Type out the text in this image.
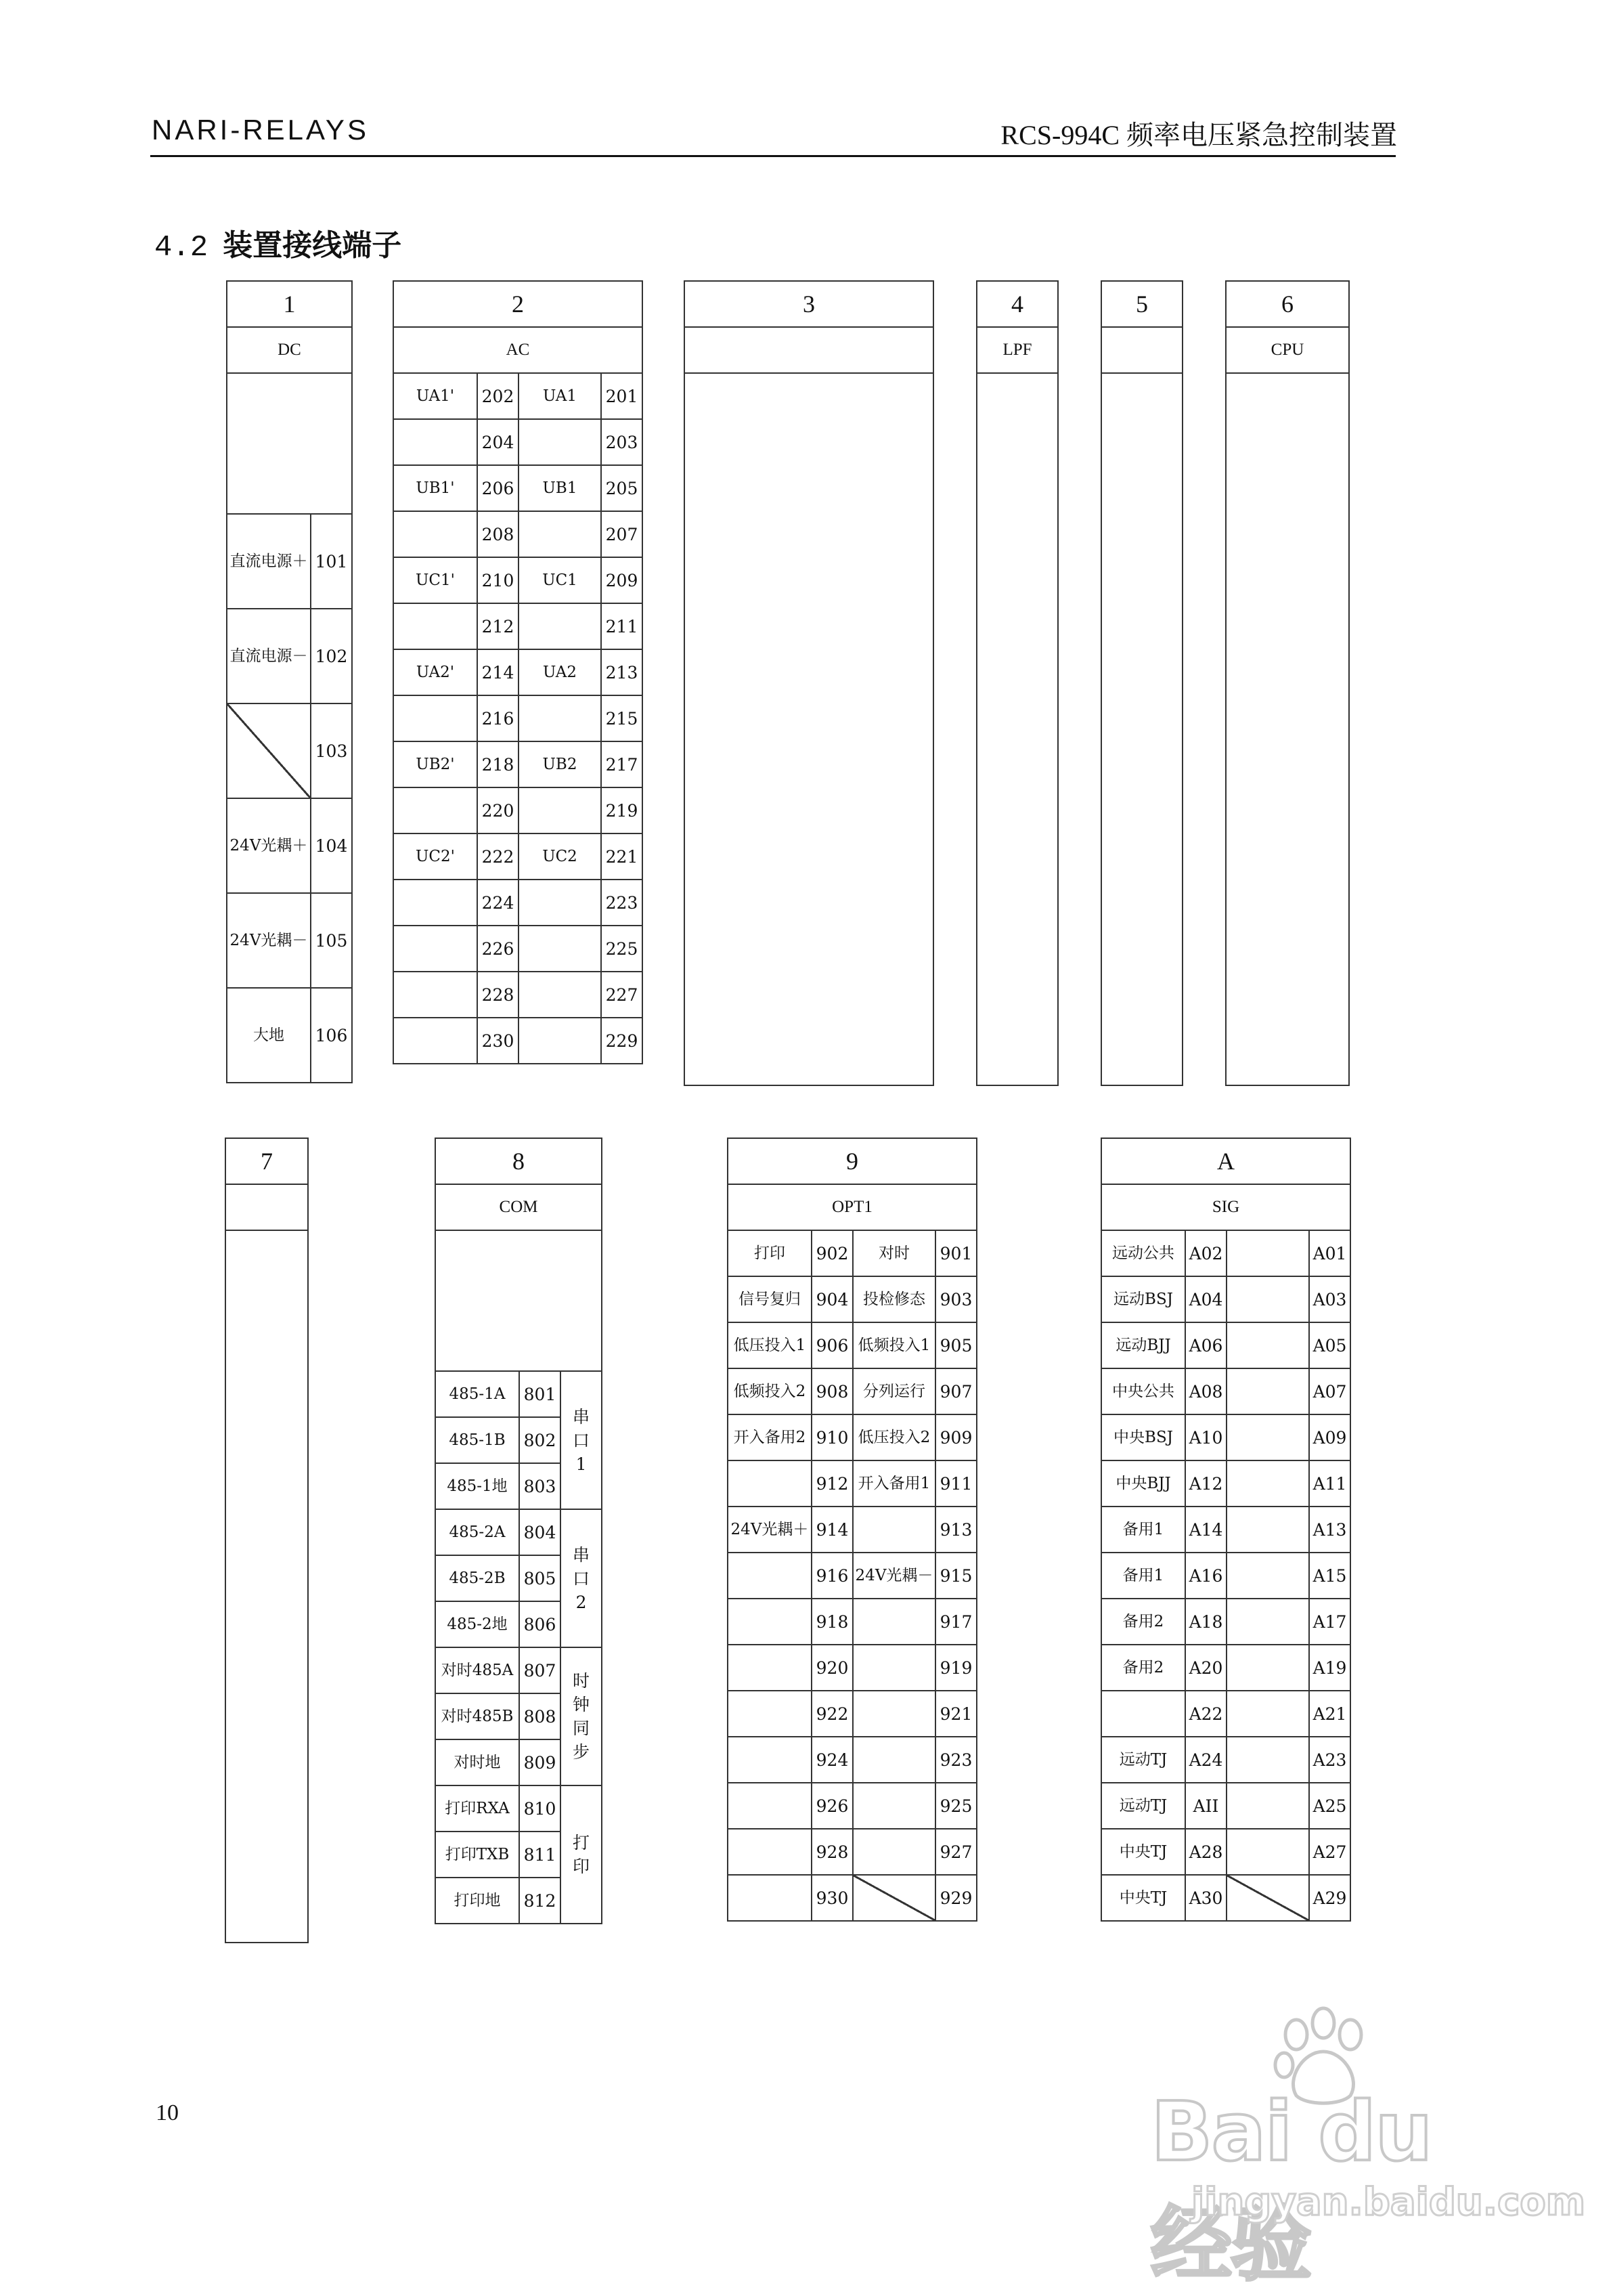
NARI-RELAYS	RCS-994C 频率电压紧急控制装置
4.2 装置接线端子
1	
DC	

直流电源＋	101
直流电源－	102
	103
24V光耦＋	104
24V光耦－	105
大地	106
2			
AC			
UA1'	202	UA1	201
	204		203
UB1'	206	UB1	205
	208		207
UC1'	210	UC1	209
	212		211
UA2'	214	UA2	213
	216		215
UB2'	218	UB2	217
	220		219
UC2'	222	UC2	221
	224		223
	226		225
	228		227
	230		229
3	4
LPF

5	6
CPU

7	8		
COM		

485-1A	801	串口1
485-1B	802	
485-1地	803	
485-2A	804	串口2
485-2B	805	
485-2地	806	
对时485A	807	时钟同步
对时485B	808	
对时地	809	
打印RXA	810	打印
打印TXB	811	
打印地	812	
9			
OPT1			
打印	902	对时	901
信号复归	904	投检修态	903
低压投入1	906	低频投入1	905
低频投入2	908	分列运行	907
开入备用2	910	低压投入2	909
	912	开入备用1	911
24V光耦＋	914		913
	916	24V光耦－	915
	918		917
	920		919
	922		921
	924		923
	926		925
	928		927
	930		929
A			
SIG			
远动公共	A02		A01
远动BSJ	A04		A03
远动BJJ	A06		A05
中央公共	A08		A07
中央BSJ	A10		A09
中央BJJ	A12		A11
备用1	A14		A13
备用1	A16		A15
备用2	A18		A17
备用2	A20		A19
	A22		A21
远动TJ	A24		A23
远动TJ	AII		A25
中央TJ	A28		A27
中央TJ	A30		A29
10	Bai du 经验
jingyan.baidu.com
